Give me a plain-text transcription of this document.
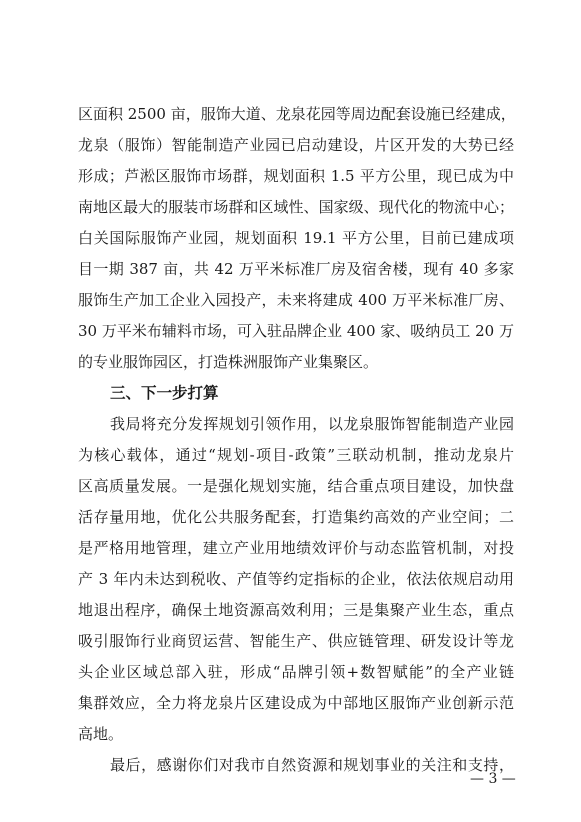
区面积 2500 亩，服饰大道、龙泉花园等周边配套设施已经建成，
龙泉（服饰）智能制造产业园已启动建设，片区开发的大势已经
形成；芦淞区服饰市场群，规划面积 1.5 平方公里，现已成为中
南地区最大的服装市场群和区域性、国家级、现代化的物流中心；
白关国际服饰产业园，规划面积 19.1 平方公里，目前已建成项
目一期 387 亩，共 42 万平米标准厂房及宿舍楼，现有 40 多家
服饰生产加工企业入园投产，未来将建成 400 万平米标准厂房、
30 万平米布辅料市场，可入驻品牌企业 400 家、吸纳员工 20 万
的专业服饰园区，打造株洲服饰产业集聚区。
三、下一步打算
我局将充分发挥规划引领作用，以龙泉服饰智能制造产业园
为核心载体，通过“规划-项目-政策”三联动机制，推动龙泉片
区高质量发展。一是强化规划实施，结合重点项目建设，加快盘
活存量用地，优化公共服务配套，打造集约高效的产业空间；二
是严格用地管理，建立产业用地绩效评价与动态监管机制，对投
产 3 年内未达到税收、产值等约定指标的企业，依法依规启动用
地退出程序，确保土地资源高效利用；三是集聚产业生态，重点
吸引服饰行业商贸运营、智能生产、供应链管理、研发设计等龙
头企业区域总部入驻，形成“品牌引领+数智赋能”的全产业链
集群效应，全力将龙泉片区建设成为中部地区服饰产业创新示范
高地。
最后，感谢你们对我市自然资源和规划事业的关注和支持，
— 3 —
